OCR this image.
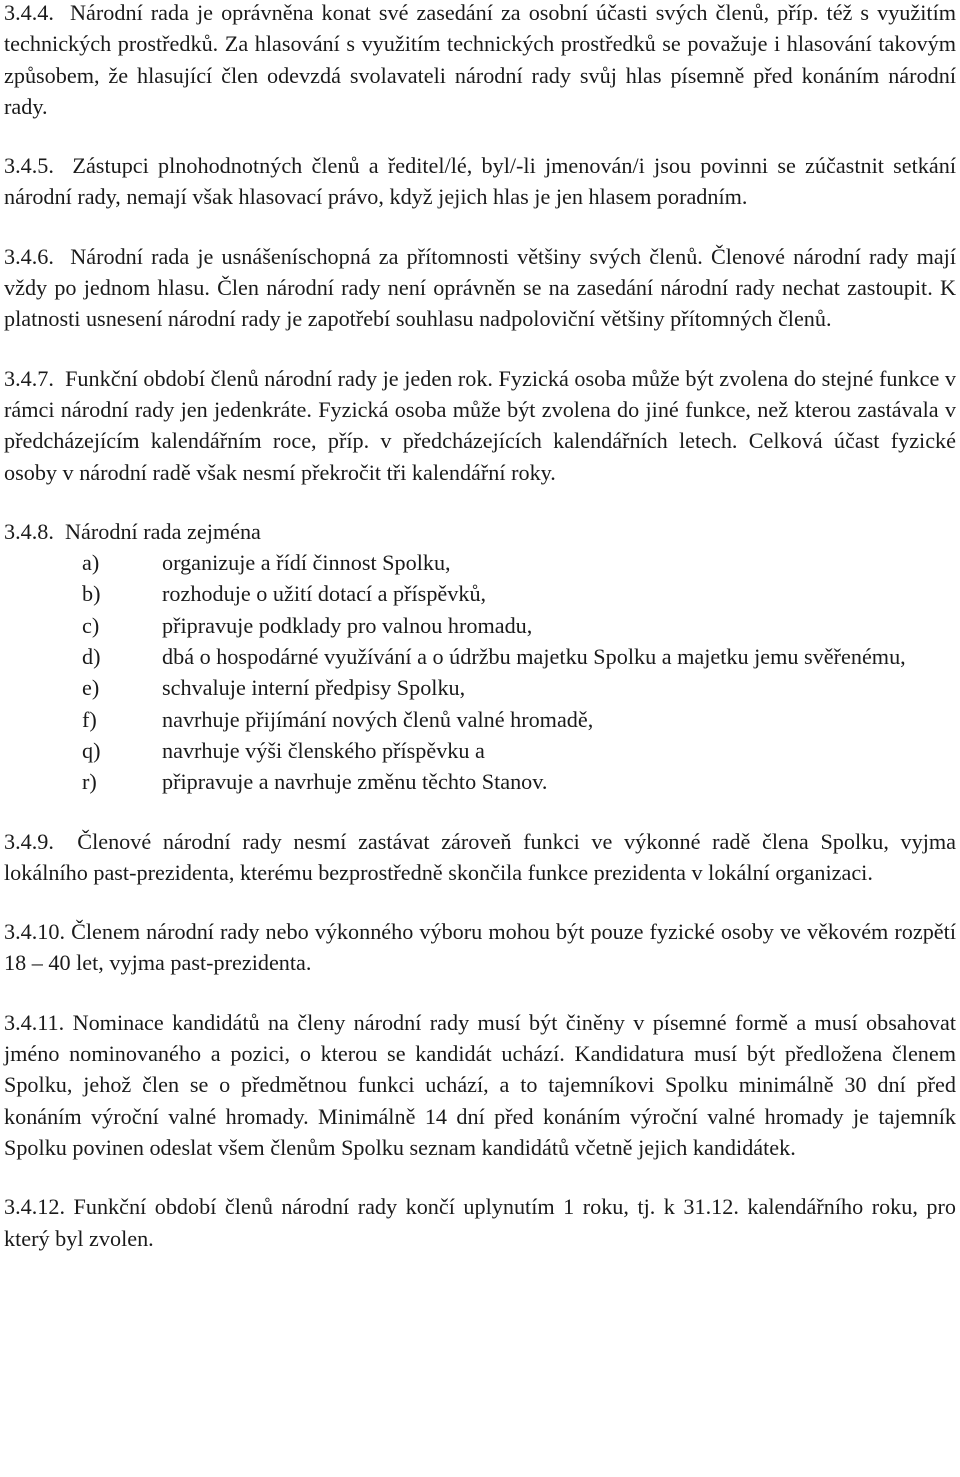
3.4.4. Národní rada je oprávněna konat své zasedání za osobní účasti svých členů, příp. též s využitím technických prostředků. Za hlasování s využitím technických prostředků se považuje i hlasování takovým způsobem, že hlasující člen odevzdá svolavateli národní rady svůj hlas písemně před konáním národní rady.

3.4.5. Zástupci plnohodnotných členů a ředitel/lé, byl/-li jmenován/i jsou povinni se zúčastnit setkání národní rady, nemají však hlasovací právo, když jejich hlas je jen hlasem poradním.

3.4.6. Národní rada je usnášeníschopná za přítomnosti většiny svých členů. Členové národní rady mají vždy po jednom hlasu. Člen národní rady není oprávněn se na zasedání národní rady nechat zastoupit. K platnosti usnesení národní rady je zapotřebí souhlasu nadpoloviční většiny přítomných členů.

3.4.7. Funkční období členů národní rady je jeden rok. Fyzická osoba může být zvolena do stejné funkce v rámci národní rady jen jedenkráte. Fyzická osoba může být zvolena do jiné funkce, než kterou zastávala v předcházejícím kalendářním roce, příp. v předcházejících kalendářních letech. Celková účast fyzické osoby v národní radě však nesmí překročit tři kalendářní roky.

3.4.8. Národní rada zejména

a)	organizuje a řídí činnost Spolku,
b)	rozhoduje o užití dotací a příspěvků,
c)	připravuje podklady pro valnou hromadu,
d)	dbá o hospodárné využívání a o údržbu majetku Spolku a majetku jemu svěřenému,
e)	schvaluje interní předpisy Spolku,
f)	navrhuje přijímání nových členů valné hromadě,
q)	navrhuje výši členského příspěvku a
r)	připravuje a navrhuje změnu těchto Stanov.

3.4.9. Členové národní rady nesmí zastávat zároveň funkci ve výkonné radě člena Spolku, vyjma lokálního past-prezidenta, kterému bezprostředně skončila funkce prezidenta v lokální organizaci.

3.4.10. Členem národní rady nebo výkonného výboru mohou být pouze fyzické osoby ve věkovém rozpětí 18 – 40 let, vyjma past-prezidenta.

3.4.11. Nominace kandidátů na členy národní rady musí být činěny v písemné formě a musí obsahovat jméno nominovaného a pozici, o kterou se kandidát uchází. Kandidatura musí být předložena členem Spolku, jehož člen se o předmětnou funkci uchází, a to tajemníkovi Spolku minimálně 30 dní před konáním výroční valné hromady. Minimálně 14 dní před konáním výroční valné hromady je tajemník Spolku povinen odeslat všem členům Spolku seznam kandidátů včetně jejich kandidátek.

3.4.12. Funkční období členů národní rady končí uplynutím 1 roku, tj. k 31.12. kalendářního roku, pro který byl zvolen.
